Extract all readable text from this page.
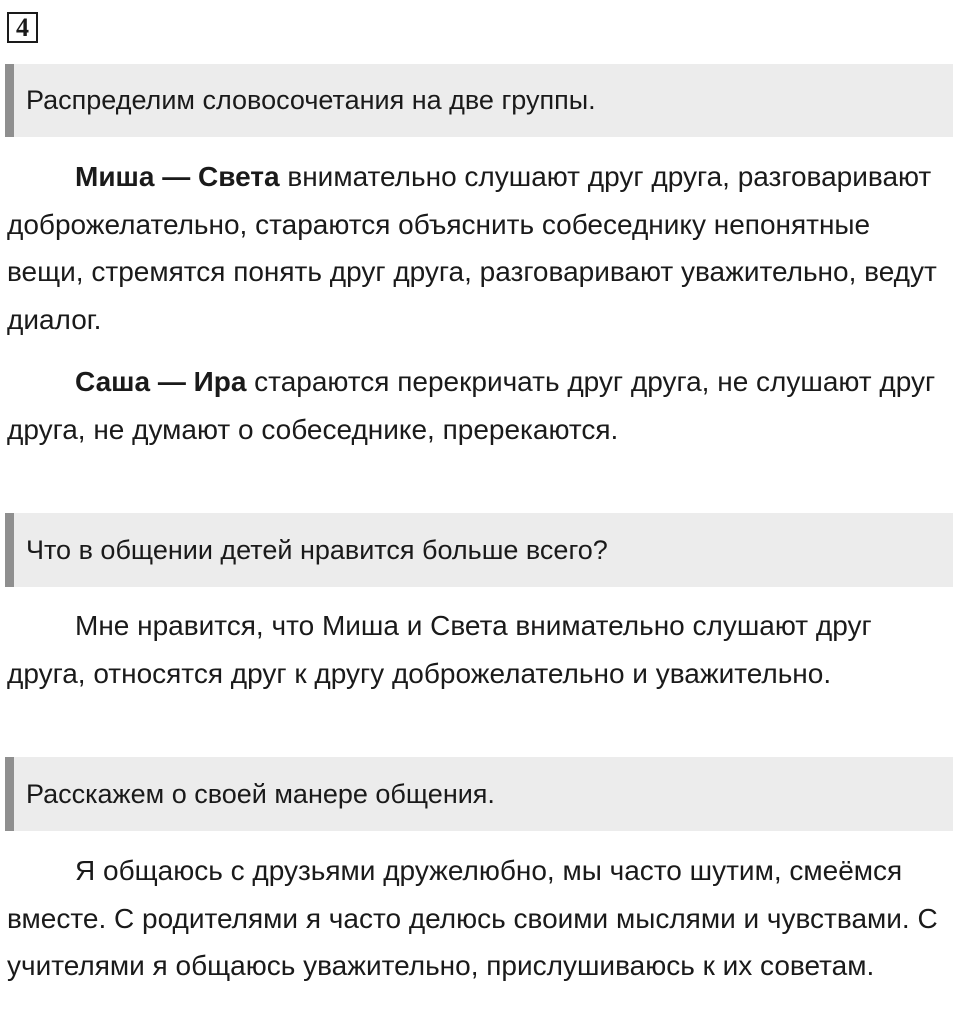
4
Распределим словосочетания на две группы.

Миша — Света внимательно слушают друг друга, разговаривают доброжелательно, стараются объяснить собеседнику непонятные вещи, стремятся понять друг друга, разговаривают уважительно, ведут диалог.

Саша — Ира стараются перекричать друг друга, не слушают друг друга, не думают о собеседнике, пререкаются.

Что в общении детей нравится больше всего?

Мне нравится, что Миша и Света внимательно слушают друг друга, относятся друг к другу доброжелательно и уважительно.

Расскажем о своей манере общения.

Я общаюсь с друзьями дружелюбно, мы часто шутим, смеёмся вместе. С родителями я часто делюсь своими мыслями и чувствами. С учителями я общаюсь уважительно, прислушиваюсь к их советам.
